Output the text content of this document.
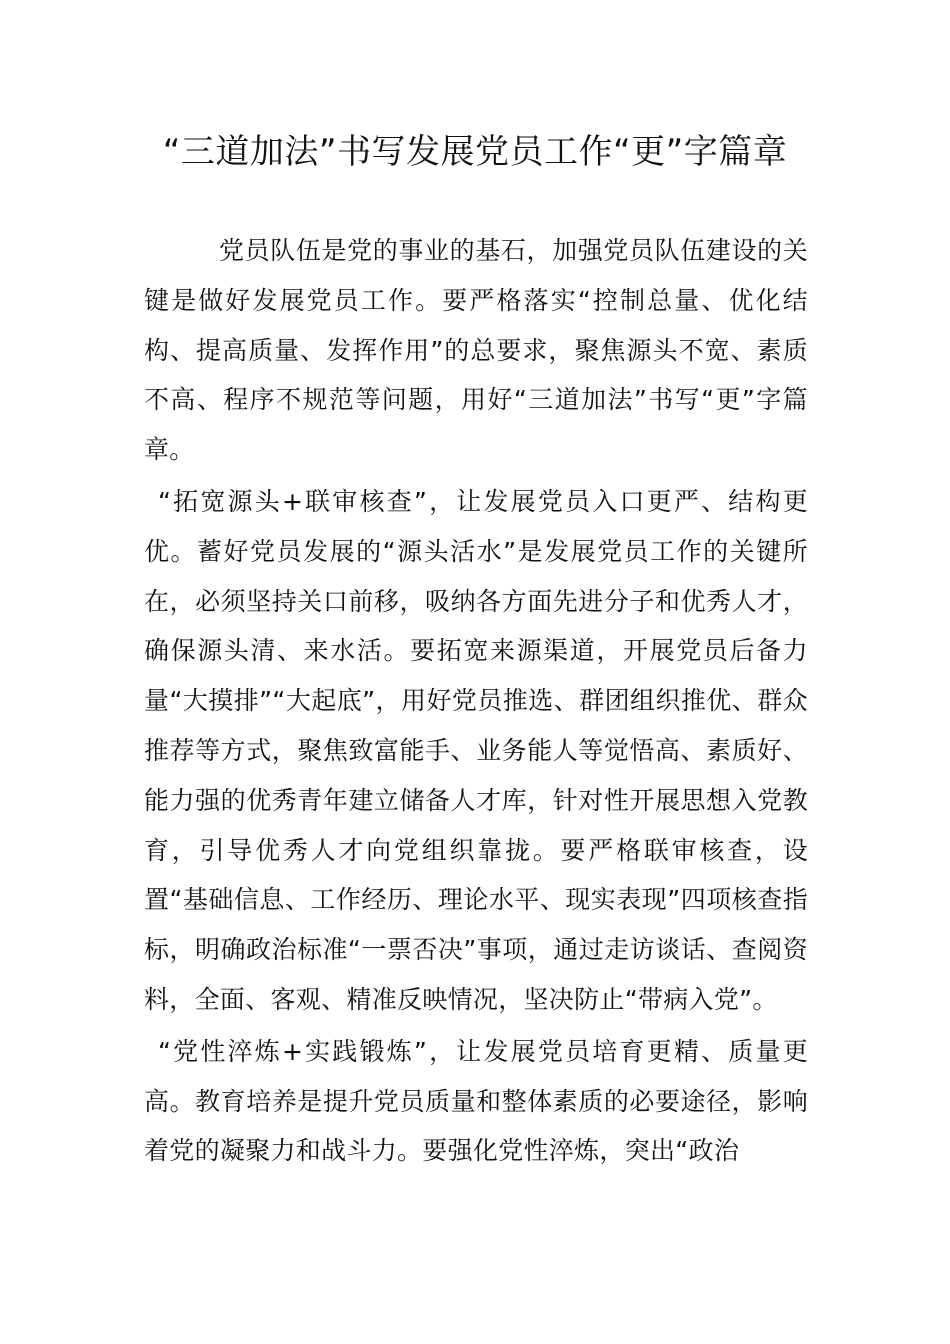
“三道加法”书写发展党员工作“更”字篇章

党员队伍是党的事业的基石，加强党员队伍建设的关键是做好发展党员工作。要严格落实“控制总量、优化结构、提高质量、发挥作用”的总要求，聚焦源头不宽、素质不高、程序不规范等问题，用好“三道加法”书写“更”字篇章。

“拓宽源头+联审核查”，让发展党员入口更严、结构更优。蓄好党员发展的“源头活水”是发展党员工作的关键所在，必须坚持关口前移，吸纳各方面先进分子和优秀人才，确保源头清、来水活。要拓宽来源渠道，开展党员后备力量“大摸排”“大起底”，用好党员推选、群团组织推优、群众推荐等方式，聚焦致富能手、业务能人等觉悟高、素质好、能力强的优秀青年建立储备人才库，针对性开展思想入党教育，引导优秀人才向党组织靠拢。要严格联审核查，设置“基础信息、工作经历、理论水平、现实表现”四项核查指标，明确政治标准“一票否决”事项，通过走访谈话、查阅资料，全面、客观、精准反映情况，坚决防止“带病入党”。

“党性淬炼+实践锻炼”，让发展党员培育更精、质量更高。教育培养是提升党员质量和整体素质的必要途径，影响着党的凝聚力和战斗力。要强化党性淬炼，突出“政治
